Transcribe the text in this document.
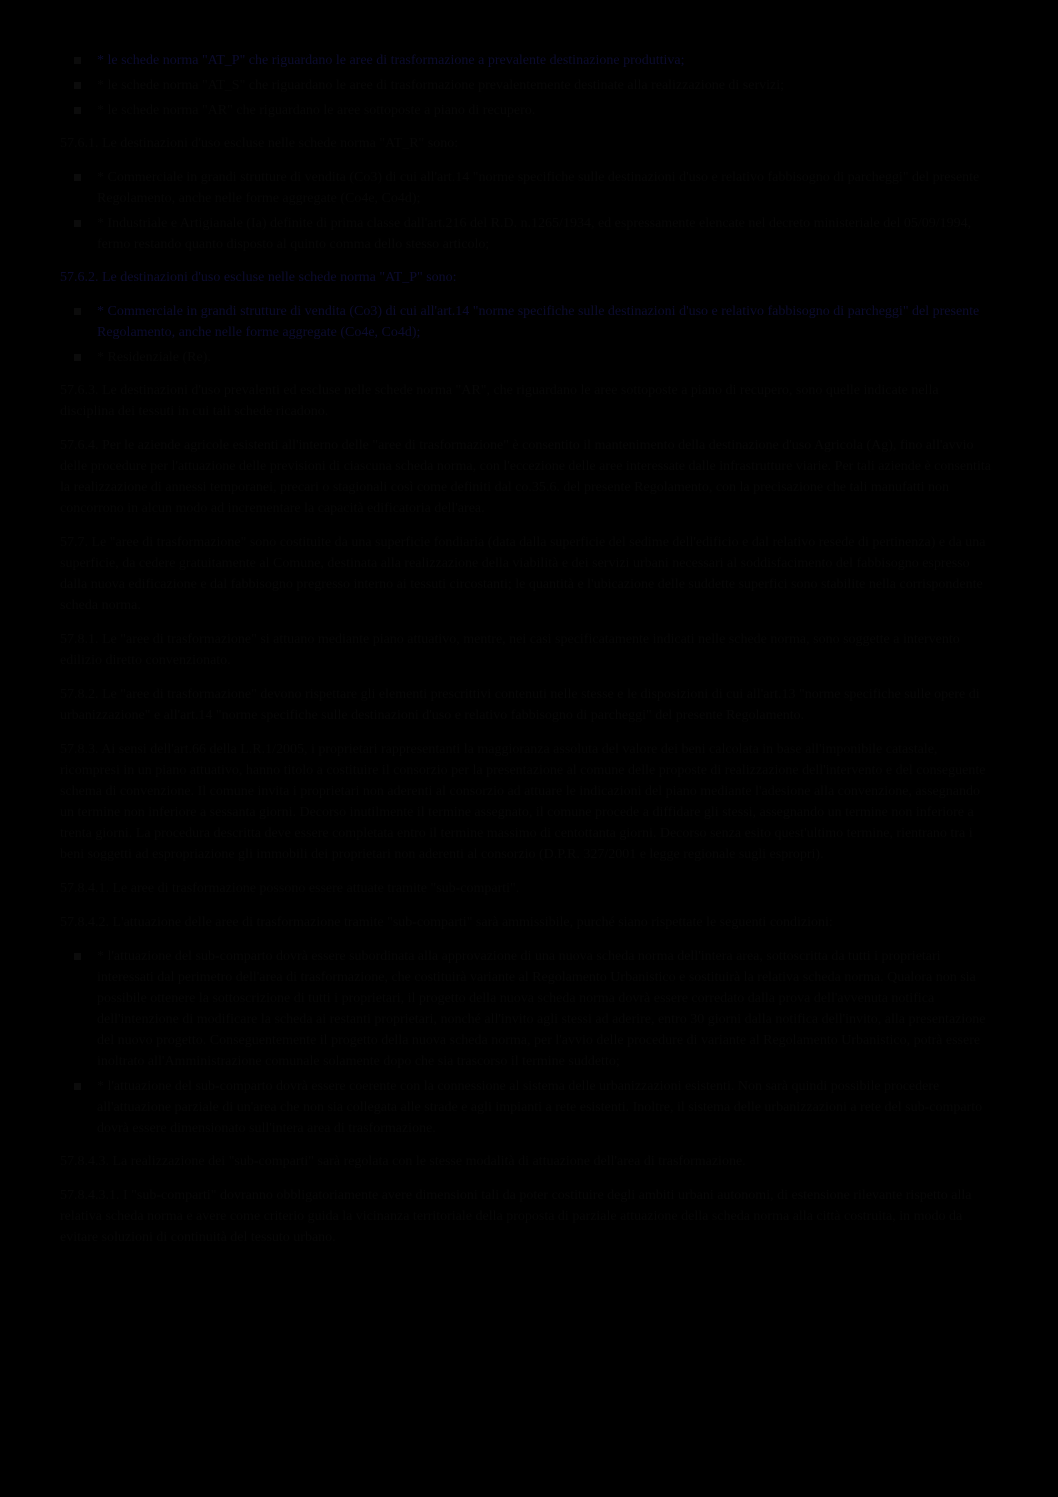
* le schede norma "AT_P" che riguardano le aree di trasformazione a prevalente destinazione produttiva;
* le schede norma "AT_S" che riguardano le aree di trasformazione prevalentemente destinate alla realizzazione di servizi;
* le schede norma "AR" che riguardano le aree sottoposte a piano di recupero.

57.6.1. Le destinazioni d'uso escluse nelle schede norma "AT_R" sono:

* Commerciale in grandi strutture di vendita (Co3) di cui all'art.14 "norme specifiche sulle destinazioni d'uso e relativo fabbisogno di parcheggi" del presente Regolamento, anche nelle forme aggregate (Co4e, Co4d);
* Industriale e Artigianale (Ia) definite di prima classe dall'art.216 del R.D. n.1265/1934, ed espressamente elencate nel decreto ministeriale del 05/09/1994, fermo restando quanto disposto al quinto comma dello stesso articolo;

57.6.2. Le destinazioni d'uso escluse nelle schede norma "AT_P" sono:

* Commerciale in grandi strutture di vendita (Co3) di cui all'art.14 "norme specifiche sulle destinazioni d'uso e relativo fabbisogno di parcheggi" del presente Regolamento, anche nelle forme aggregate (Co4e, Co4d);
* Residenziale (Re).

57.6.3. Le destinazioni d'uso prevalenti ed escluse nelle schede norma "AR", che riguardano le aree sottoposte a piano di recupero, sono quelle indicate nella disciplina dei tessuti in cui tali schede ricadono.

57.6.4. Per le aziende agricole esistenti all'interno delle "aree di trasformazione" è consentito il mantenimento della destinazione d'uso Agricola (Ag), fino all'avvio delle procedure per l'attuazione delle previsioni di ciascuna scheda norma, con l'eccezione delle aree interessate dalle infrastrutture viarie. Per tali aziende è consentita la realizzazione di annessi temporanei, precari o stagionali così come definiti dal co.35.6. del presente Regolamento, con la precisazione che tali manufatti non concorrono in alcun modo ad incrementare la capacità edificatoria dell'area.

57.7. Le "aree di trasformazione" sono costituite da una superficie fondiaria (data dalla superficie del sedime dell'edificio e dal relativo resede di pertinenza) e da una superficie, da cedere gratuitamente al Comune, destinata alla realizzazione della viabilità e dei servizi urbani necessari al soddisfacimento del fabbisogno espresso dalla nuova edificazione e dal fabbisogno pregresso interno ai tessuti circostanti; le quantità e l'ubicazione delle suddette superfici sono stabilite nella corrispondente scheda norma.

57.8.1. Le "aree di trasformazione" si attuano mediante piano attuativo, mentre, nei casi specificatamente indicati nelle schede norma, sono soggette a intervento edilizio diretto convenzionato.

57.8.2. Le "aree di trasformazione" devono rispettare gli elementi prescrittivi contenuti nelle stesse e le disposizioni di cui all'art.13 "norme specifiche sulle opere di urbanizzazione" e all'art.14 "norme specifiche sulle destinazioni d'uso e relativo fabbisogno di parcheggi" del presente Regolamento.

57.8.3. Ai sensi dell'art.66 della L.R.1/2005, i proprietari rappresentanti la maggioranza assoluta del valore dei beni calcolata in base all'imponibile catastale, ricompresi in un piano attuativo, hanno titolo a costituire il consorzio per la presentazione al comune delle proposte di realizzazione dell'intervento e del conseguente schema di convenzione. Il comune invita i proprietari non aderenti al consorzio ad attuare le indicazioni del piano mediante l'adesione alla convenzione, assegnando un termine non inferiore a sessanta giorni. Decorso inutilmente il termine assegnato, il comune procede a diffidare gli stessi, assegnando un termine non inferiore a trenta giorni. La procedura descritta deve essere completata entro il termine massimo di centottanta giorni. Decorso senza esito quest'ultimo termine, rientrano tra i beni soggetti ad espropriazione gli immobili dei proprietari non aderenti al consorzio (D.P.R. 327/2001 e legge regionale sugli espropri).

57.8.4.1. Le aree di trasformazione possono essere attuate tramite "sub-comparti".

57.8.4.2. L'attuazione delle aree di trasformazione tramite "sub-comparti" sarà ammissibile, purché siano rispettate le seguenti condizioni:

* l'attuazione del sub-comparto dovrà essere subordinata alla approvazione di una nuova scheda norma dell'intera area, sottoscritta da tutti i proprietari interessati dal perimetro dell'area di trasformazione, che costituirà variante al Regolamento Urbanistico e sostituirà la relativa scheda norma. Qualora non sia possibile ottenere la sottoscrizione di tutti i proprietari, il progetto della nuova scheda norma dovrà essere corredato dalla prova dell'avvenuta notifica dell'intenzione di modificare la scheda ai restanti proprietari, nonché all'invito agli stessi ad aderire, entro 30 giorni dalla notifica dell'invito, alla presentazione del nuovo progetto. Conseguentemente il progetto della nuova scheda norma, per l'avvio delle procedure di variante al Regolamento Urbanistico, potrà essere inoltrato all'Amministrazione comunale solamente dopo che sia trascorso il termine suddetto;
* l'attuazione del sub-comparto dovrà essere coerente con la connessione al sistema delle urbanizzazioni esistenti. Non sarà quindi possibile procedere all'attuazione parziale di un'area che non sia collegata alle strade e agli impianti a rete esistenti. Inoltre, il sistema delle urbanizzazioni a rete del sub-comparto dovrà essere dimensionato sull'intera area di trasformazione.

57.8.4.3. La realizzazione dei "sub-comparti" sarà regolata con le stesse modalità di attuazione dell'area di trasformazione.

57.8.4.3.1. I "sub-comparti" dovranno obbligatoriamente avere dimensioni tali da poter costituire degli ambiti urbani autonomi, di estensione rilevante rispetto alla relativa scheda norma e avere come criterio guida la vicinanza territoriale della proposta di parziale attuazione della scheda norma alla città costruita, in modo da evitare soluzioni di continuità del tessuto urbano.
